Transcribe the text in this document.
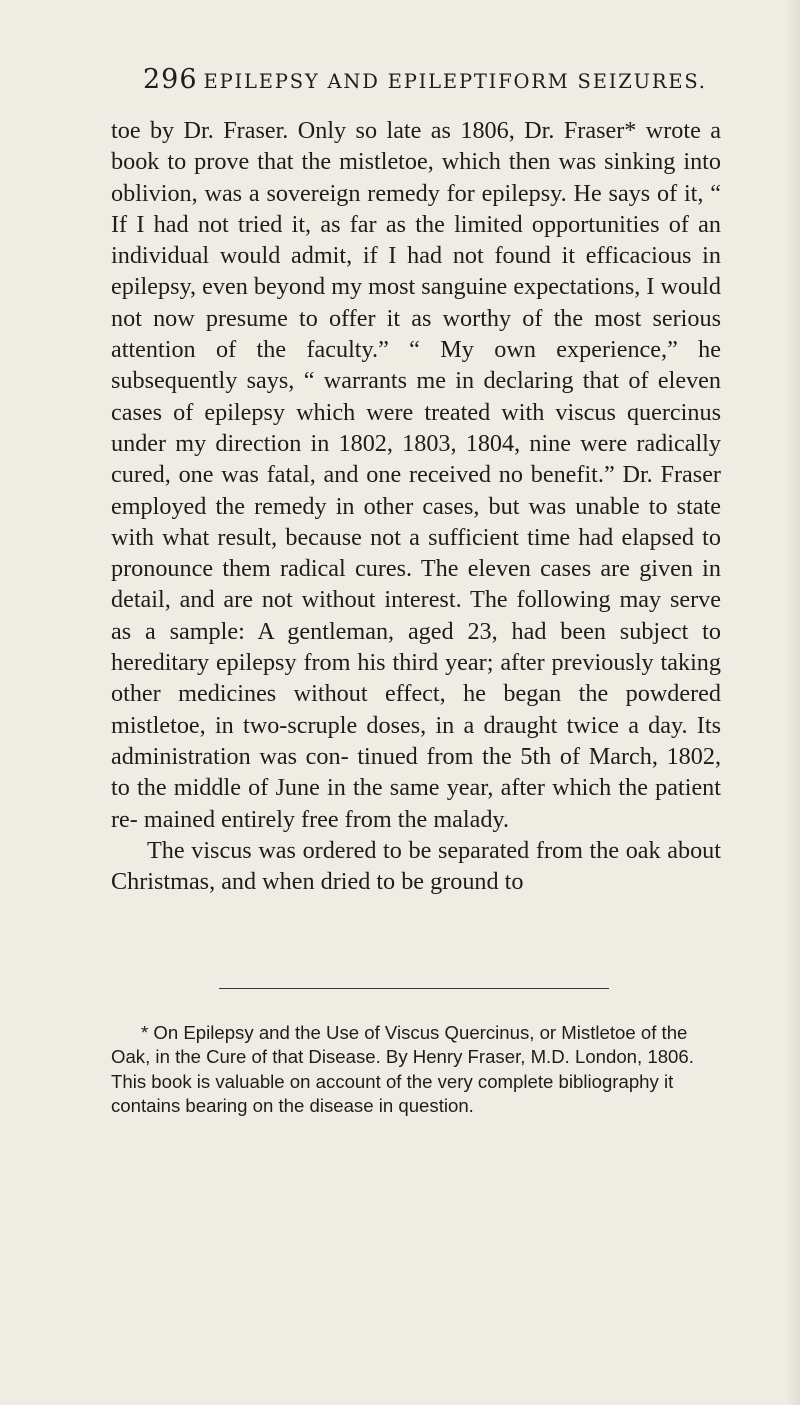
296 EPILEPSY AND EPILEPTIFORM SEIZURES.

toe by Dr. Fraser. Only so late as 1806, Dr. Fraser* wrote a book to prove that the mistletoe, which then was sinking into oblivion, was a sovereign remedy for epilepsy. He says of it, “ If I had not tried it, as far as the limited opportunities of an individual would admit, if I had not found it efficacious in epilepsy, even beyond my most sanguine expectations, I would not now presume to offer it as worthy of the most serious attention of the faculty.” “ My own experience,” he subsequently says, “ warrants me in declaring that of eleven cases of epilepsy which were treated with viscus quercinus under my direction in 1802, 1803, 1804, nine were radically cured, one was fatal, and one received no benefit.” Dr. Fraser employed the remedy in other cases, but was unable to state with what result, because not a sufficient time had elapsed to pronounce them radical cures. The eleven cases are given in detail, and are not without interest. The following may serve as a sample: A gentleman, aged 23, had been subject to hereditary epilepsy from his third year; after previously taking other medicines without effect, he began the powdered mistletoe, in two-scruple doses, in a draught twice a day. Its administration was con- tinued from the 5th of March, 1802, to the middle of June in the same year, after which the patient re- mained entirely free from the malady.

The viscus was ordered to be separated from the oak about Christmas, and when dried to be ground to

* On Epilepsy and the Use of Viscus Quercinus, or Mistletoe of the Oak, in the Cure of that Disease. By Henry Fraser, M.D. London, 1806. This book is valuable on account of the very complete bibliography it contains bearing on the disease in question.
